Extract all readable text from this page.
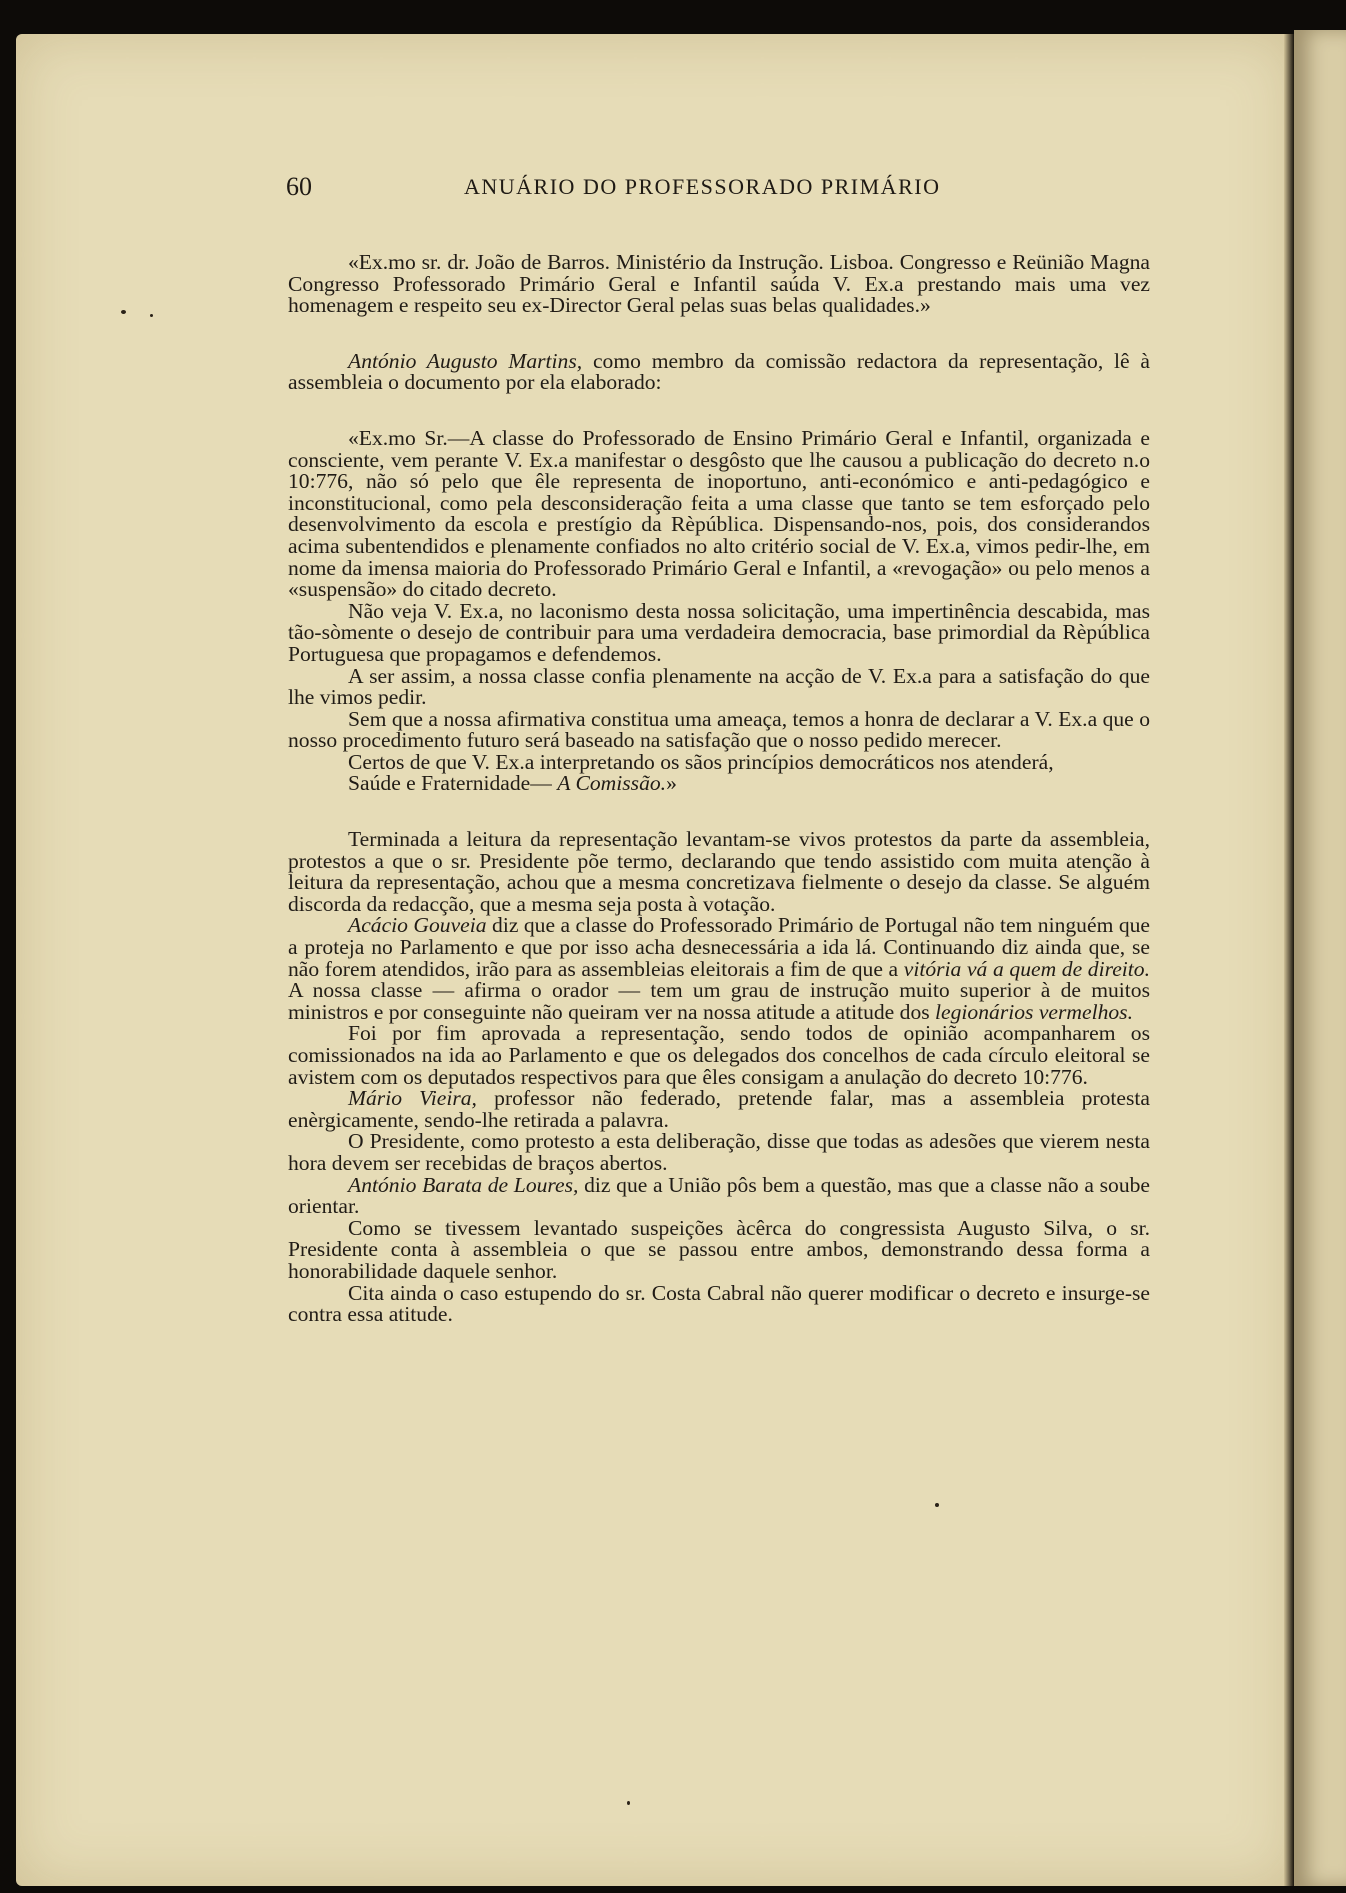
60	ANUÁRIO DO PROFESSORADO PRIMÁRIO

«Ex.mo sr. dr. João de Barros. Ministério da Instrução. Lisboa. Congresso e Reünião Magna Congresso Professorado Primário Geral e Infantil saúda V. Ex.a prestando mais uma vez homenagem e respeito seu ex-Director Geral pelas suas belas qualidades.»

António Augusto Martins, como membro da comissão redactora da representação, lê à assembleia o documento por ela elaborado:

«Ex.mo Sr.—A classe do Professorado de Ensino Primário Geral e Infantil, organizada e consciente, vem perante V. Ex.a manifestar o desgôsto que lhe causou a publicação do decreto n.o 10:776, não só pelo que êle representa de inoportuno, anti-económico e anti-pedagógico e inconstitucional, como pela desconsideração feita a uma classe que tanto se tem esforçado pelo desenvolvimento da escola e prestígio da Rèpública. Dispensando-nos, pois, dos considerandos acima subentendidos e plenamente confiados no alto critério social de V. Ex.a, vimos pedir-lhe, em nome da imensa maioria do Professorado Primário Geral e Infantil, a «revogação» ou pelo menos a «suspensão» do citado decreto.

Não veja V. Ex.a, no laconismo desta nossa solicitação, uma impertinência descabida, mas tão-sòmente o desejo de contribuir para uma verdadeira democracia, base primordial da Rèpública Portuguesa que propagamos e defendemos.

A ser assim, a nossa classe confia plenamente na acção de V. Ex.a para a satisfação do que lhe vimos pedir.

Sem que a nossa afirmativa constitua uma ameaça, temos a honra de declarar a V. Ex.a que o nosso procedimento futuro será baseado na satisfação que o nosso pedido merecer.

Certos de que V. Ex.a interpretando os sãos princípios democráticos nos atenderá,

Saúde e Fraternidade— A Comissão.»

Terminada a leitura da representação levantam-se vivos protestos da parte da assembleia, protestos a que o sr. Presidente põe termo, declarando que tendo assistido com muita atenção à leitura da representação, achou que a mesma concretizava fielmente o desejo da classe. Se alguém discorda da redacção, que a mesma seja posta à votação.

Acácio Gouveia diz que a classe do Professorado Primário de Portugal não tem ninguém que a proteja no Parlamento e que por isso acha desnecessária a ida lá. Continuando diz ainda que, se não forem atendidos, irão para as assembleias eleitorais a fim de que a vitória vá a quem de direito. A nossa classe — afirma o orador — tem um grau de instrução muito superior à de muitos ministros e por conseguinte não queiram ver na nossa atitude a atitude dos legionários vermelhos.

Foi por fim aprovada a representação, sendo todos de opinião acompanharem os comissionados na ida ao Parlamento e que os delegados dos concelhos de cada círculo eleitoral se avistem com os deputados respectivos para que êles consigam a anulação do decreto 10:776.

Mário Vieira, professor não federado, pretende falar, mas a assembleia protesta enèrgicamente, sendo-lhe retirada a palavra.

O Presidente, como protesto a esta deliberação, disse que todas as adesões que vierem nesta hora devem ser recebidas de braços abertos.

António Barata de Loures, diz que a União pôs bem a questão, mas que a classe não a soube orientar.

Como se tivessem levantado suspeições àcêrca do congressista Augusto Silva, o sr. Presidente conta à assembleia o que se passou entre ambos, demonstrando dessa forma a honorabilidade daquele senhor.

Cita ainda o caso estupendo do sr. Costa Cabral não querer modificar o decreto e insurge-se contra essa atitude.
